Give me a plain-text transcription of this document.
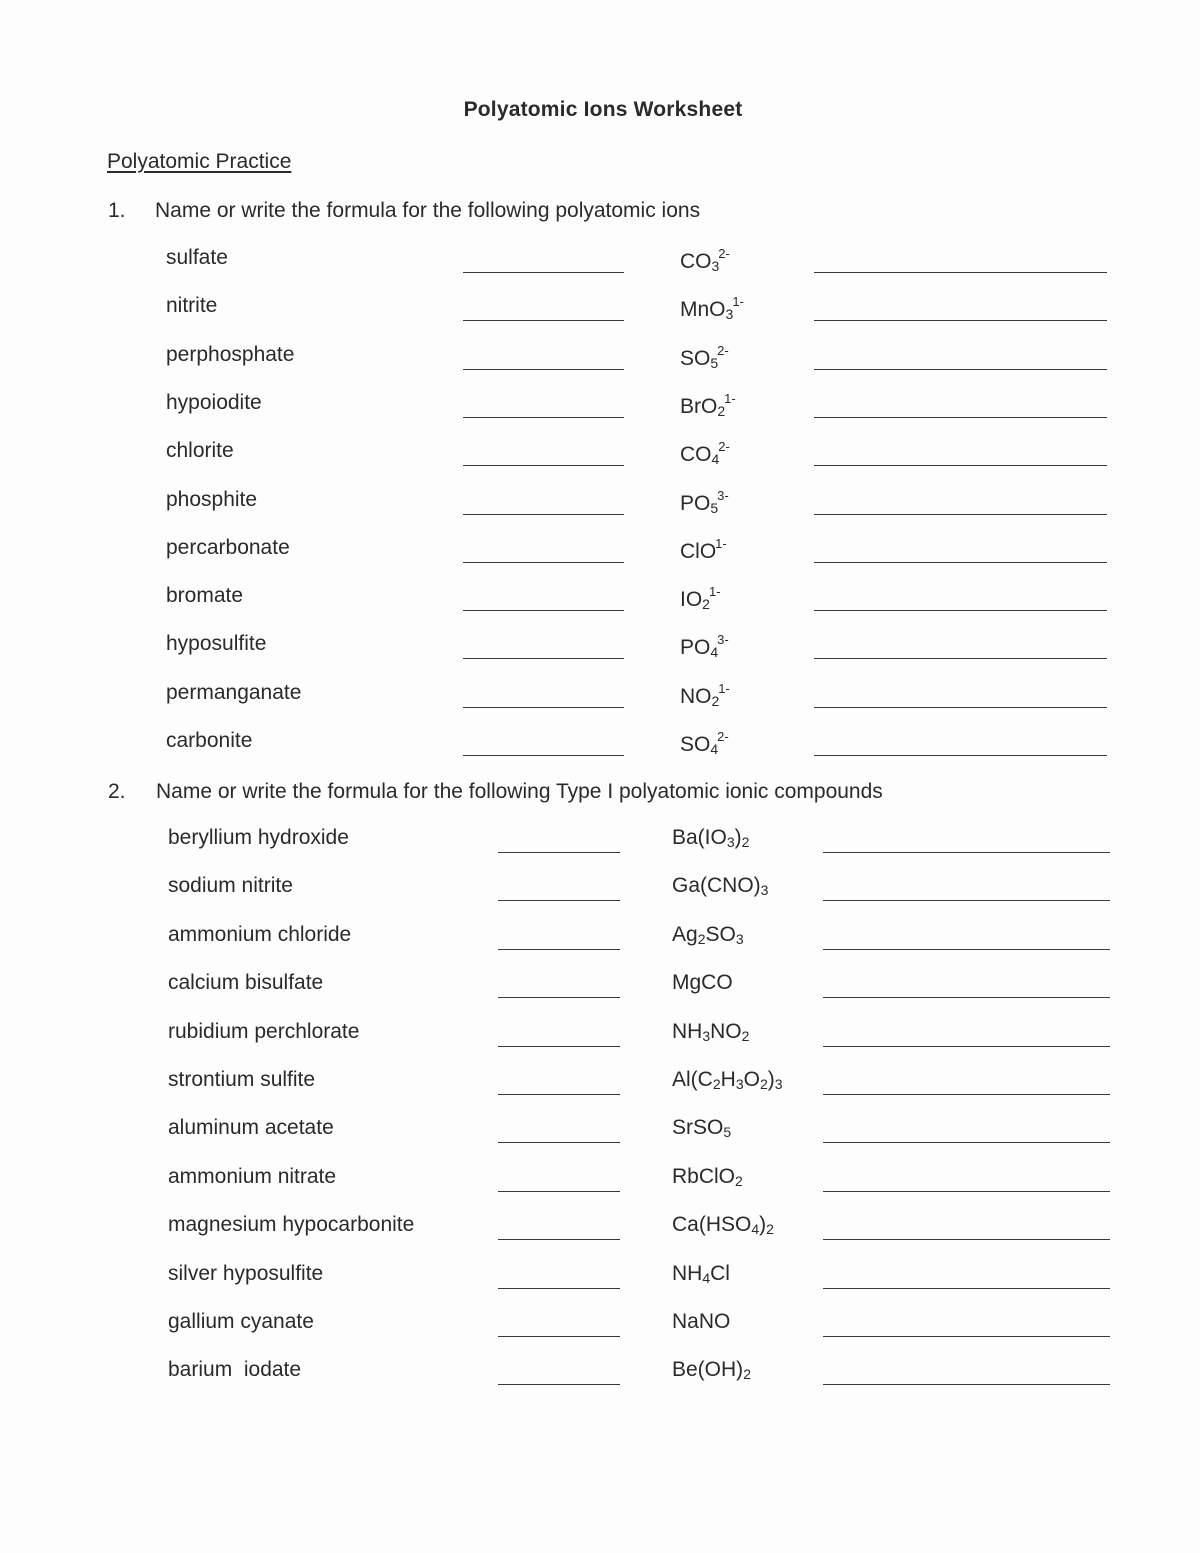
Polyatomic Ions Worksheet
Polyatomic Practice
1. Name or write the formula for the following polyatomic ions
2. Name or write the formula for the following Type I polyatomic ionic compounds
sulfate	$CO_3^{2-}$
nitrite	MnO$_3^{1-}$
perphosphate	$SO_5^{2-}$
hypoiodite	BrO$_2^{1-}$
chlorite	$CO_4^{2-}$
phosphite	$PO_5^{3-}$
percarbonate	ClO$^{1-}$
bromate	$IO_2^{1-}$
hyposulfite	$PO_4^{3-}$
permanganate	$NO_2^{1-}$
carbonite	$SO_4^{2-}$
beryllium hydroxide	$Ba(IO_3)_2$
sodium nitrite	$Ga(CNO)_3$
ammonium chloride	$Ag_2SO_3$
calcium bisulfate	MgCO
rubidium perchlorate	$NH_3NO_2$
strontium sulfite	$Al(C_2H_3O_2)_3$
aluminum acetate	SrSO$_5$
ammonium nitrate	RbClO$_2$
magnesium hypocarbonite	$Ca(HSO_4)_2$
silver hyposulfite	$NH_4Cl$
gallium cyanate	NaNO
barium  iodate	$Be(OH)_2$
